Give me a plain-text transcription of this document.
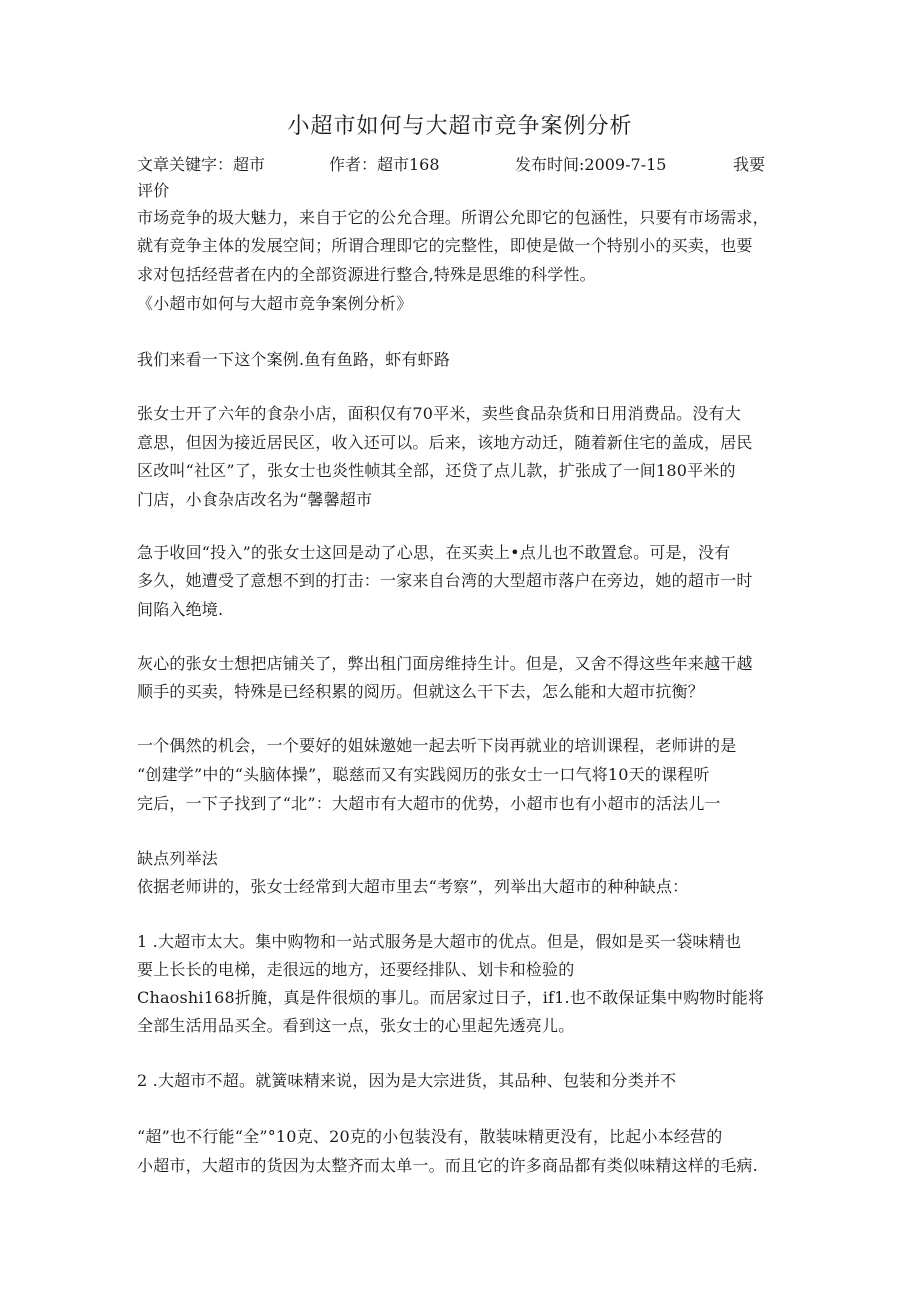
小超市如何与大超市竞争案例分析
文章关键字：超市	作者：超市168	发布时间:2009-7-15	我要
评价
市场竞争的圾大魅力，来自于它的公允合理。所谓公允即它的包涵性，只要有市场需求，
就有竞争主体的发展空间；所谓合理即它的完整性，即使是做一个特别小的买卖，也要
求对包括经营者在内的全部资源进行整合,特殊是思维的科学性。
《小超市如何与大超市竞争案例分析》
我们来看一下这个案例.鱼有鱼路，虾有虾路
张女士开了六年的食杂小店，面积仅有70平米，卖些食品杂货和日用消费品。没有大
意思，但因为接近居民区，收入还可以。后来，该地方动迁，随着新住宅的盖成，居民
区改叫“社区”了，张女士也炎性帧其全部，还贷了点儿款，扩张成了一间180平米的
门店，小食杂店改名为“馨馨超市
急于收回“投入”的张女士这回是动了心思，在买卖上•点儿也不敢置怠。可是，没有
多久，她遭受了意想不到的打击：一家来自台湾的大型超市落户在旁边，她的超市一时
间陷入绝境.
灰心的张女士想把店铺关了，弊出租门面房维持生计。但是，又舍不得这些年来越干越
顺手的买卖，特殊是已经积累的阅历。但就这么干下去，怎么能和大超市抗衡？
一个偶然的机会，一个要好的姐妹邀她一起去听下岗再就业的培训课程，老师讲的是
“创建学”中的“头脑体操”，聪慈而又有实践阅历的张女士一口气将10天的课程听
完后，一下子找到了“北”：大超市有大超市的优势，小超市也有小超市的活法儿一
缺点列举法
依据老师讲的，张女士经常到大超市里去“考察”，列举出大超市的种种缺点：
1 .大超市太大。集中购物和一站式服务是大超市的优点。但是，假如是买一袋味精也
要上长长的电梯，走很远的地方，还要经排队、划卡和检验的
Chaoshi168折腌，真是件很烦的事儿。而居家过日子，if1.也不敢保证集中购物时能将
全部生活用品买全。看到这一点，张女士的心里起先透亮儿。
2 .大超市不超。就簧味精来说，因为是大宗进货，其品种、包装和分类并不
“超”也不行能“全”°10克、20克的小包装没有，散装味精更没有，比起小本经营的
小超市，大超市的货因为太整齐而太单一。而且它的许多商品都有类似味精这样的毛病.
